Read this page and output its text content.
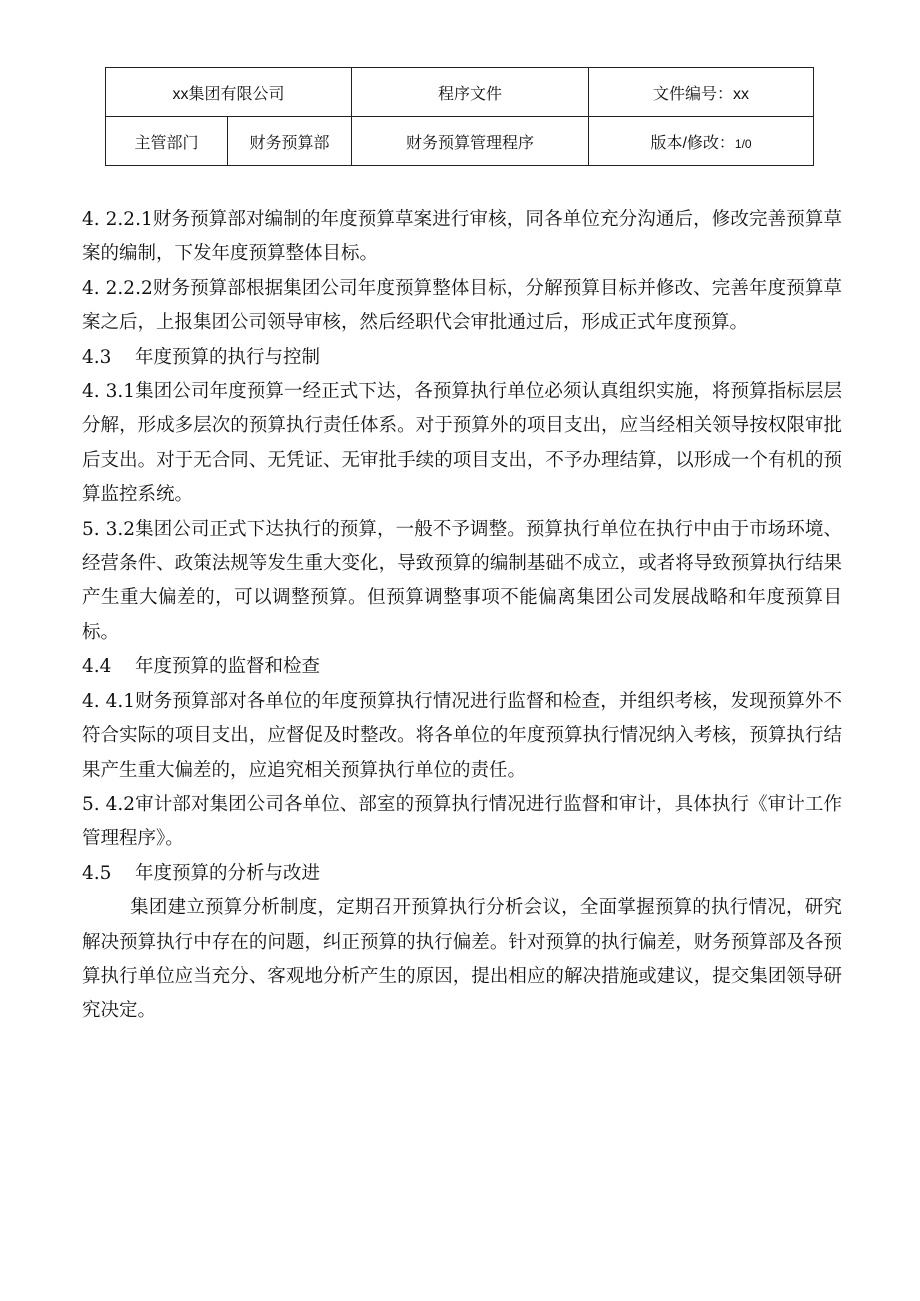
xx集团有限公司		程序文件	文件编号：xx
主管部门	财务预算部	财务预算管理程序	版本/修改：1/0

4. 2.2.1财务预算部对编制的年度预算草案进行审核，同各单位充分沟通后，修改完善预算草案的编制，下发年度预算整体目标。

4. 2.2.2财务预算部根据集团公司年度预算整体目标，分解预算目标并修改、完善年度预算草案之后，上报集团公司领导审核，然后经职代会审批通过后，形成正式年度预算。

4.3    年度预算的执行与控制

4. 3.1集团公司年度预算一经正式下达，各预算执行单位必须认真组织实施，将预算指标层层分解，形成多层次的预算执行责任体系。对于预算外的项目支出，应当经相关领导按权限审批后支出。对于无合同、无凭证、无审批手续的项目支出，不予办理结算，以形成一个有机的预算监控系统。

5. 3.2集团公司正式下达执行的预算，一般不予调整。预算执行单位在执行中由于市场环境、经营条件、政策法规等发生重大变化，导致预算的编制基础不成立，或者将导致预算执行结果产生重大偏差的，可以调整预算。但预算调整事项不能偏离集团公司发展战略和年度预算目标。

4.4    年度预算的监督和检查

4. 4.1财务预算部对各单位的年度预算执行情况进行监督和检查，并组织考核，发现预算外不符合实际的项目支出，应督促及时整改。将各单位的年度预算执行情况纳入考核，预算执行结果产生重大偏差的，应追究相关预算执行单位的责任。

5. 4.2审计部对集团公司各单位、部室的预算执行情况进行监督和审计，具体执行《审计工作管理程序》。

4.5    年度预算的分析与改进

集团建立预算分析制度，定期召开预算执行分析会议，全面掌握预算的执行情况，研究解决预算执行中存在的问题，纠正预算的执行偏差。针对预算的执行偏差，财务预算部及各预算执行单位应当充分、客观地分析产生的原因，提出相应的解决措施或建议，提交集团领导研究决定。
